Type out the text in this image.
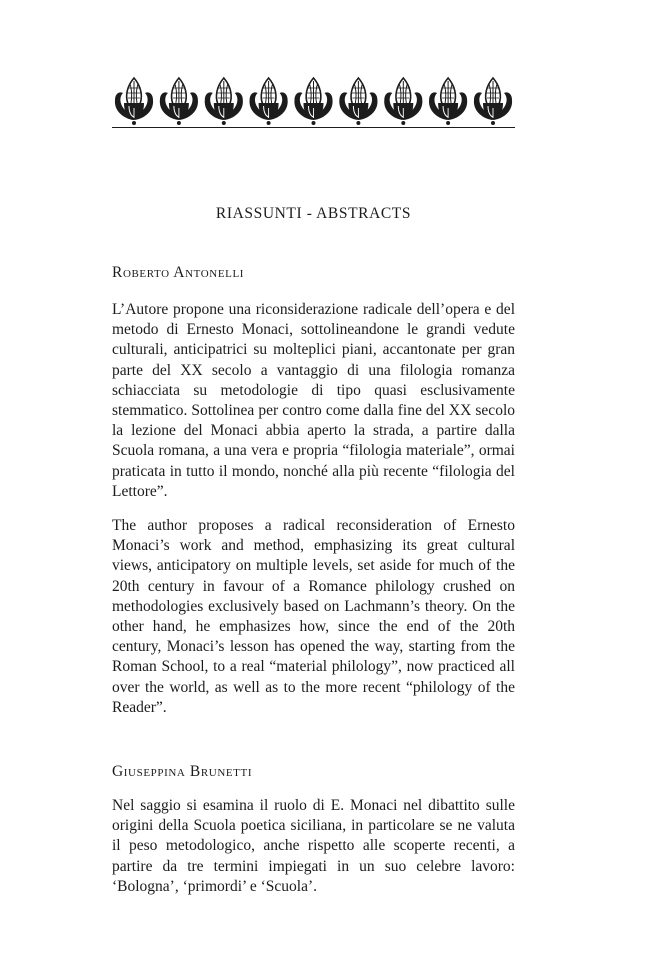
RIASSUNTI - ABSTRACTS
Roberto Antonelli

L’Autore propone una riconsiderazione radicale dell’opera e del metodo di Ernesto Monaci, sottolineandone le grandi vedute culturali, anticipatrici su molteplici piani, accantonate per gran parte del XX secolo a vantaggio di una filologia romanza schiacciata su metodologie di tipo quasi esclusivamente stemmatico. Sottolinea per contro come dalla fine del XX secolo la lezione del Monaci abbia aperto la strada, a partire dalla Scuola romana, a una vera e propria “filologia materiale”, ormai praticata in tutto il mondo, nonché alla più recente “filologia del Lettore”.

The author proposes a radical reconsideration of Ernesto Monaci’s work and method, emphasizing its great cultural views, anticipatory on multiple levels, set aside for much of the 20th century in favour of a Romance philology crushed on methodologies exclusively based on Lachmann’s theory. On the other hand, he emphasizes how, since the end of the 20th century, Monaci’s lesson has opened the way, starting from the Roman School, to a real “material philology”, now practiced all over the world, as well as to the more recent “philology of the Reader”.

Giuseppina Brunetti

Nel saggio si esamina il ruolo di E. Monaci nel dibattito sulle origini della Scuola poetica siciliana, in particolare se ne valuta il peso metodologico, anche rispetto alle scoperte recenti, a partire da tre termini impiegati in un suo celebre lavoro: ‘Bologna’, ‘primordi’ e ‘Scuola’.
